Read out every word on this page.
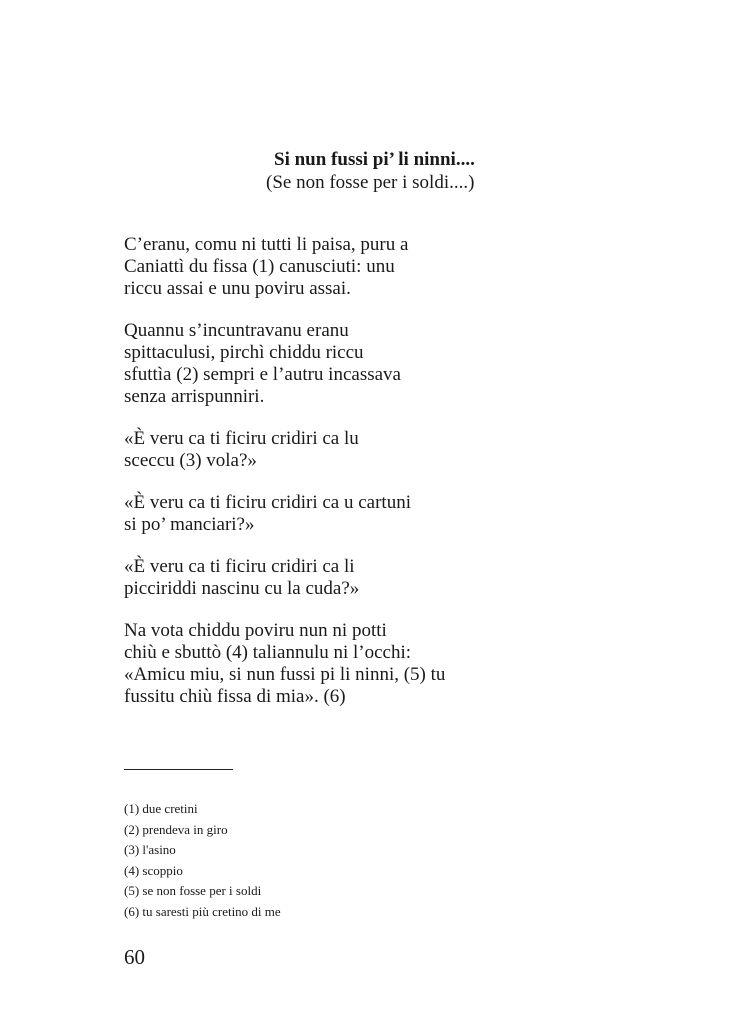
Si nun fussi pi’ li ninni....
(Se non fosse per i soldi....)

C’eranu, comu ni tutti li paisa, puru a
Caniattì du fissa (1) canusciuti: unu
riccu assai e unu poviru assai.

Quannu s’incuntravanu eranu
spittaculusi, pirchì chiddu riccu
sfuttìa (2) sempri e l’autru incassava
senza arrispunniri.

«È veru ca ti ficiru cridiri ca lu
sceccu (3) vola?»

«È veru ca ti ficiru cridiri ca u cartuni
si po’ manciari?»

«È veru ca ti ficiru cridiri ca li
picciriddi nascinu cu la cuda?»

Na vota chiddu poviru nun ni potti
chiù e sbuttò (4) taliannulu ni l’occhi:
«Amicu miu, si nun fussi pi li ninni, (5) tu
fussitu chiù fissa di mia». (6)

(1) due cretini
(2) prendeva in giro
(3) l'asino
(4) scoppio
(5) se non fosse per i soldi
(6) tu saresti più cretino di me
60
